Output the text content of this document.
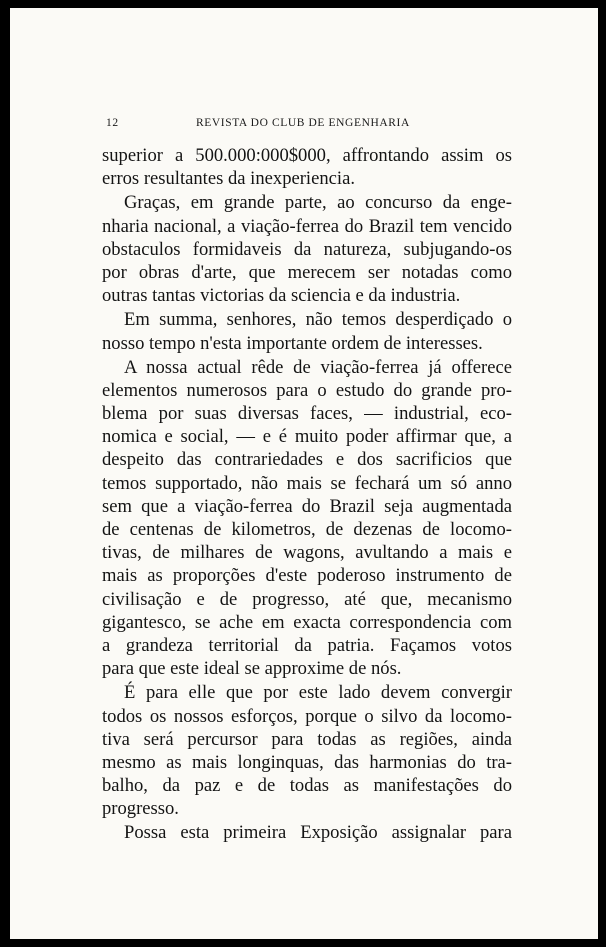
12	REVISTA DO CLUB DE ENGENHARIA
superior a 500.000:000$000, affrontando assim os
erros resultantes da inexperiencia.
Graças, em grande parte, ao concurso da enge-
nharia nacional, a viação-ferrea do Brazil tem vencido
obstaculos formidaveis da natureza, subjugando-os
por obras d'arte, que merecem ser notadas como
outras tantas victorias da sciencia e da industria.
Em summa, senhores, não temos desperdiçado o
nosso tempo n'esta importante ordem de interesses.
A nossa actual rêde de viação-ferrea já offerece
elementos numerosos para o estudo do grande pro-
blema por suas diversas faces, — industrial, eco-
nomica e social, — e é muito poder affirmar que, a
despeito das contrariedades e dos sacrificios que
temos supportado, não mais se fechará um só anno
sem que a viação-ferrea do Brazil seja augmentada
de centenas de kilometros, de dezenas de locomo-
tivas, de milhares de wagons, avultando a mais e
mais as proporções d'este poderoso instrumento de
civilisação e de progresso, até que, mecanismo
gigantesco, se ache em exacta correspondencia com
a grandeza territorial da patria. Façamos votos
para que este ideal se approxime de nós.
É para elle que por este lado devem convergir
todos os nossos esforços, porque o silvo da locomo-
tiva será percursor para todas as regiões, ainda
mesmo as mais longinquas, das harmonias do tra-
balho, da paz e de todas as manifestações do
progresso.
Possa esta primeira Exposição assignalar para
